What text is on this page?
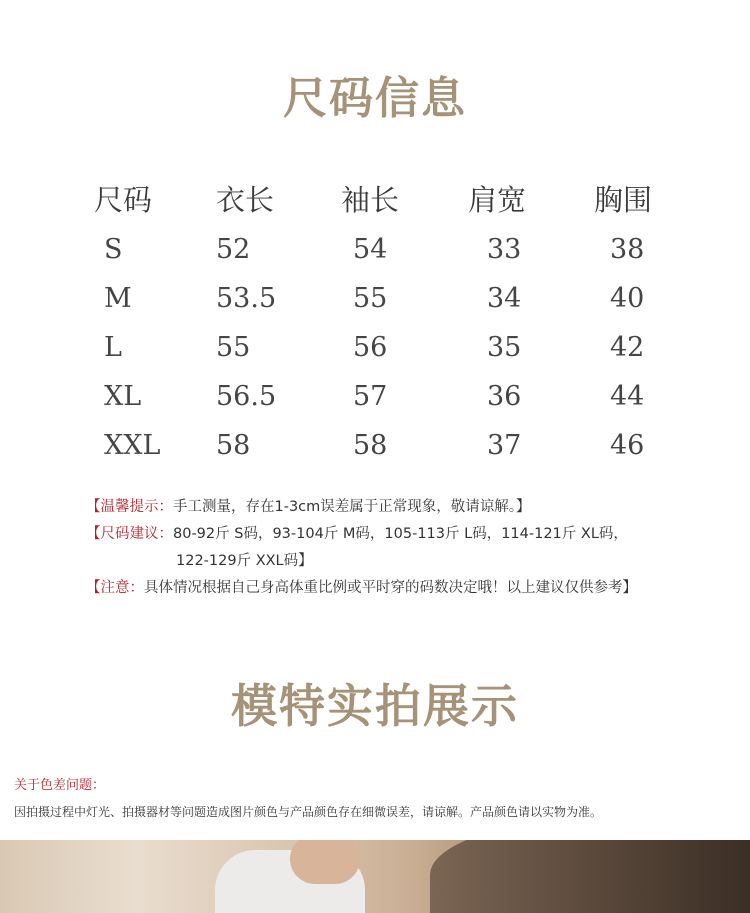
尺码信息
尺码 衣长 袖长 肩宽 胸围
S	52	54	33	38
M	53.5	55	34	40
L	55	56	35	42
XL	56.5	57	36	44
XXL 58	58	37	46
【温馨提示：手工测量，存在1-3cm误差属于正常现象，敬请谅解。】
【尺码建议：80-92斤 S码，93-104斤 M码，105-113斤 L码，114-121斤 XL码，
122-129斤 XXL码】
【注意：具体情况根据自己身高体重比例或平时穿的码数决定哦！以上建议仅供参考】
模特实拍展示
关于色差问题：
因拍摄过程中灯光、拍摄器材等问题造成图片颜色与产品颜色存在细微误差，请谅解。产品颜色请以实物为准。
